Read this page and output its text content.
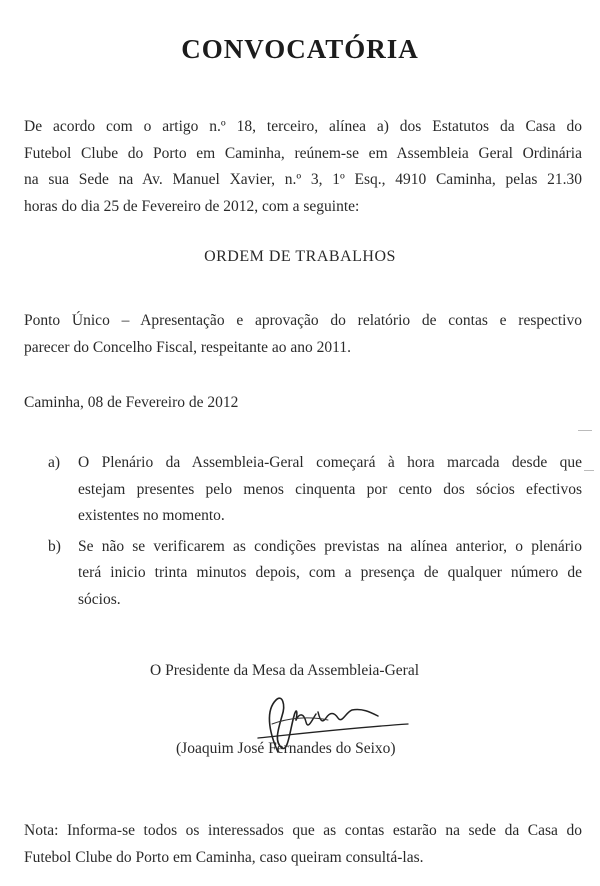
CONVOCATÓRIA
De acordo com o artigo n.º 18, terceiro, alínea a) dos Estatutos da Casa do
Futebol Clube do Porto em Caminha, reúnem-se em Assembleia Geral Ordinária
na sua Sede na Av. Manuel Xavier, n.º 3, 1º Esq., 4910 Caminha, pelas 21.30
horas do dia 25 de Fevereiro de 2012, com a seguinte:
ORDEM DE TRABALHOS
Ponto Único – Apresentação e aprovação do relatório de contas e respectivo
parecer do Concelho Fiscal, respeitante ao ano 2011.
Caminha, 08 de Fevereiro de 2012
a) O Plenário da Assembleia-Geral começará à hora marcada desde que
estejam presentes pelo menos cinquenta por cento dos sócios efectivos
existentes no momento.
b) Se não se verificarem as condições previstas na alínea anterior, o plenário
terá inicio trinta minutos depois, com a presença de qualquer número de
sócios.
O Presidente da Mesa da Assembleia-Geral
(Joaquim José Fernandes do Seixo)
Nota: Informa-se todos os interessados que as contas estarão na sede da Casa do
Futebol Clube do Porto em Caminha, caso queiram consultá-las.
